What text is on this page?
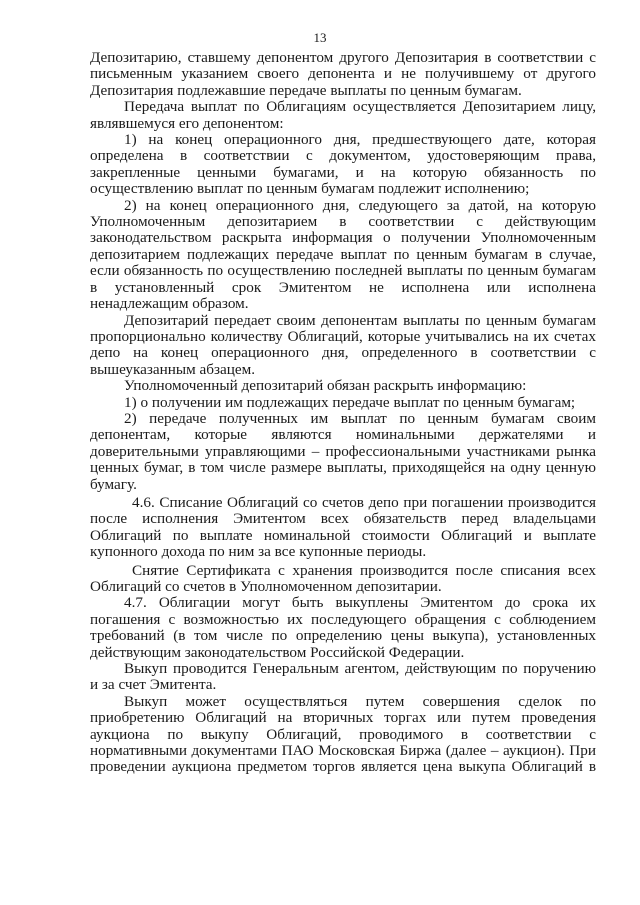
13

Депозитарию, ставшему депонентом другого Депозитария в соответствии с письменным указанием своего депонента и не получившему от другого Депозитария подлежавшие передаче выплаты по ценным бумагам.

Передача выплат по Облигациям осуществляется Депозитарием лицу, являвшемуся его депонентом:

1) на конец операционного дня, предшествующего дате, которая определена в соответствии с документом, удостоверяющим права, закрепленные ценными бумагами, и на которую обязанность по осуществлению выплат по ценным бумагам подлежит исполнению;

2) на конец операционного дня, следующего за датой, на которую Уполномоченным депозитарием в соответствии с действующим законодательством раскрыта информация о получении Уполномоченным депозитарием подлежащих передаче выплат по ценным бумагам в случае, если обязанность по осуществлению последней выплаты по ценным бумагам в установленный срок Эмитентом не исполнена или исполнена ненадлежащим образом.

Депозитарий передает своим депонентам выплаты по ценным бумагам пропорционально количеству Облигаций, которые учитывались на их счетах депо на конец операционного дня, определенного в соответствии с вышеуказанным абзацем.

Уполномоченный депозитарий обязан раскрыть информацию:

1) о получении им подлежащих передаче выплат по ценным бумагам;

2) передаче полученных им выплат по ценным бумагам своим депонентам, которые являются номинальными держателями и доверительными управляющими – профессиональными участниками рынка ценных бумаг, в том числе размере выплаты, приходящейся на одну ценную бумагу.

4.6. Списание Облигаций со счетов депо при погашении производится после исполнения Эмитентом всех обязательств перед владельцами Облигаций по выплате номинальной стоимости Облигаций и выплате купонного дохода по ним за все купонные периоды.

Снятие Сертификата с хранения производится после списания всех Облигаций со счетов в Уполномоченном депозитарии.

4.7. Облигации могут быть выкуплены Эмитентом до срока их погашения с возможностью их последующего обращения с соблюдением требований (в том числе по определению цены выкупа), установленных действующим законодательством Российской Федерации.

Выкуп проводится Генеральным агентом, действующим по поручению и за счет Эмитента.

Выкуп может осуществляться путем совершения сделок по приобретению Облигаций на вторичных торгах или путем проведения аукциона по выкупу Облигаций, проводимого в соответствии с нормативными документами ПАО Московская Биржа (далее – аукцион). При проведении аукциона предметом торгов является цена выкупа Облигаций в
